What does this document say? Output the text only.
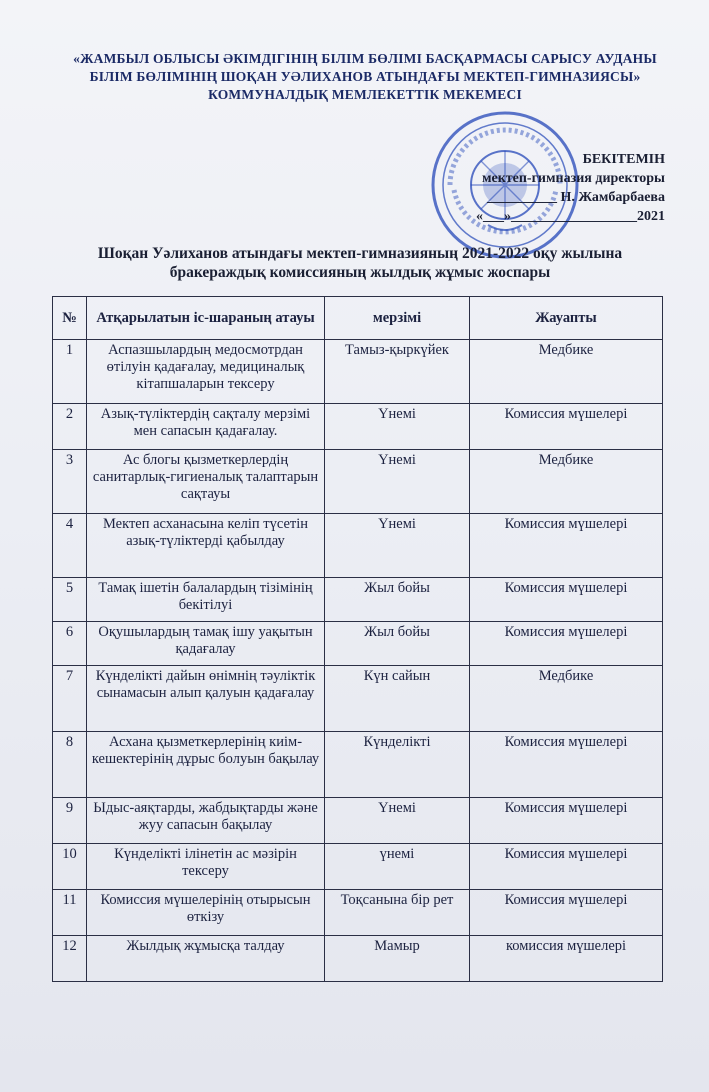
«ЖАМБЫЛ ОБЛЫСЫ ӘКІМДІГІНІҢ БІЛІМ БӨЛІМІ БАСҚАРМАСЫ САРЫСУ АУДАНЫ БІЛІМ БӨЛІМІНІҢ ШОҚАН УӘЛИХАНОВ АТЫНДАҒЫ МЕКТЕП-ГИМНАЗИЯСЫ» КОММУНАЛДЫҚ МЕМЛЕКЕТТІК МЕКЕМЕСІ
БЕКІТЕМІН
мектеп-гимназия директоры
__________ Н. Жамбарбаева
«___»__________________2021
Шоқан Уәлиханов атындағы мектеп-гимназияның 2021-2022 оқу жылына бракераждық комиссияның жылдық жұмыс жоспары
№	Атқарылатын іс-шараның атауы	мерзімі	Жауапты
1	Аспазшылардың медосмотрдан өтілуін қадағалау, медициналық кітапшаларын тексеру	Тамыз-қыркүйек	Медбике
2	Азық-түліктердің сақталу мерзімі мен сапасын қадағалау.	Үнемі	Комиссия мүшелері
3	Ас блогы қызметкерлердің санитарлық-гигиеналық талаптарын сақтауы	Үнемі	Медбике
4	Мектеп асханасына келіп түсетін азық-түліктерді қабылдау	Үнемі	Комиссия мүшелері
5	Тамақ ішетін балалардың тізімінің бекітілуі	Жыл бойы	Комиссия мүшелері
6	Оқушылардың тамақ ішу уақытын қадағалау	Жыл бойы	Комиссия мүшелері
7	Күнделікті дайын өнімнің тәуліктік сынамасын алып қалуын қадағалау	Күн сайын	Медбике
8	Асхана қызметкерлерінің киім-кешектерінің дұрыс болуын бақылау	Күнделікті	Комиссия мүшелері
9	Ыдыс-аяқтарды, жабдықтарды және жуу сапасын бақылау	Үнемі	Комиссия мүшелері
10	Күнделікті ілінетін ас мәзірін тексеру	үнемі	Комиссия мүшелері
11	Комиссия мүшелерінің отырысын өткізу	Тоқсанына бір рет	Комиссия мүшелері
12	Жылдық жұмысқа талдау	Мамыр	комиссия мүшелері
